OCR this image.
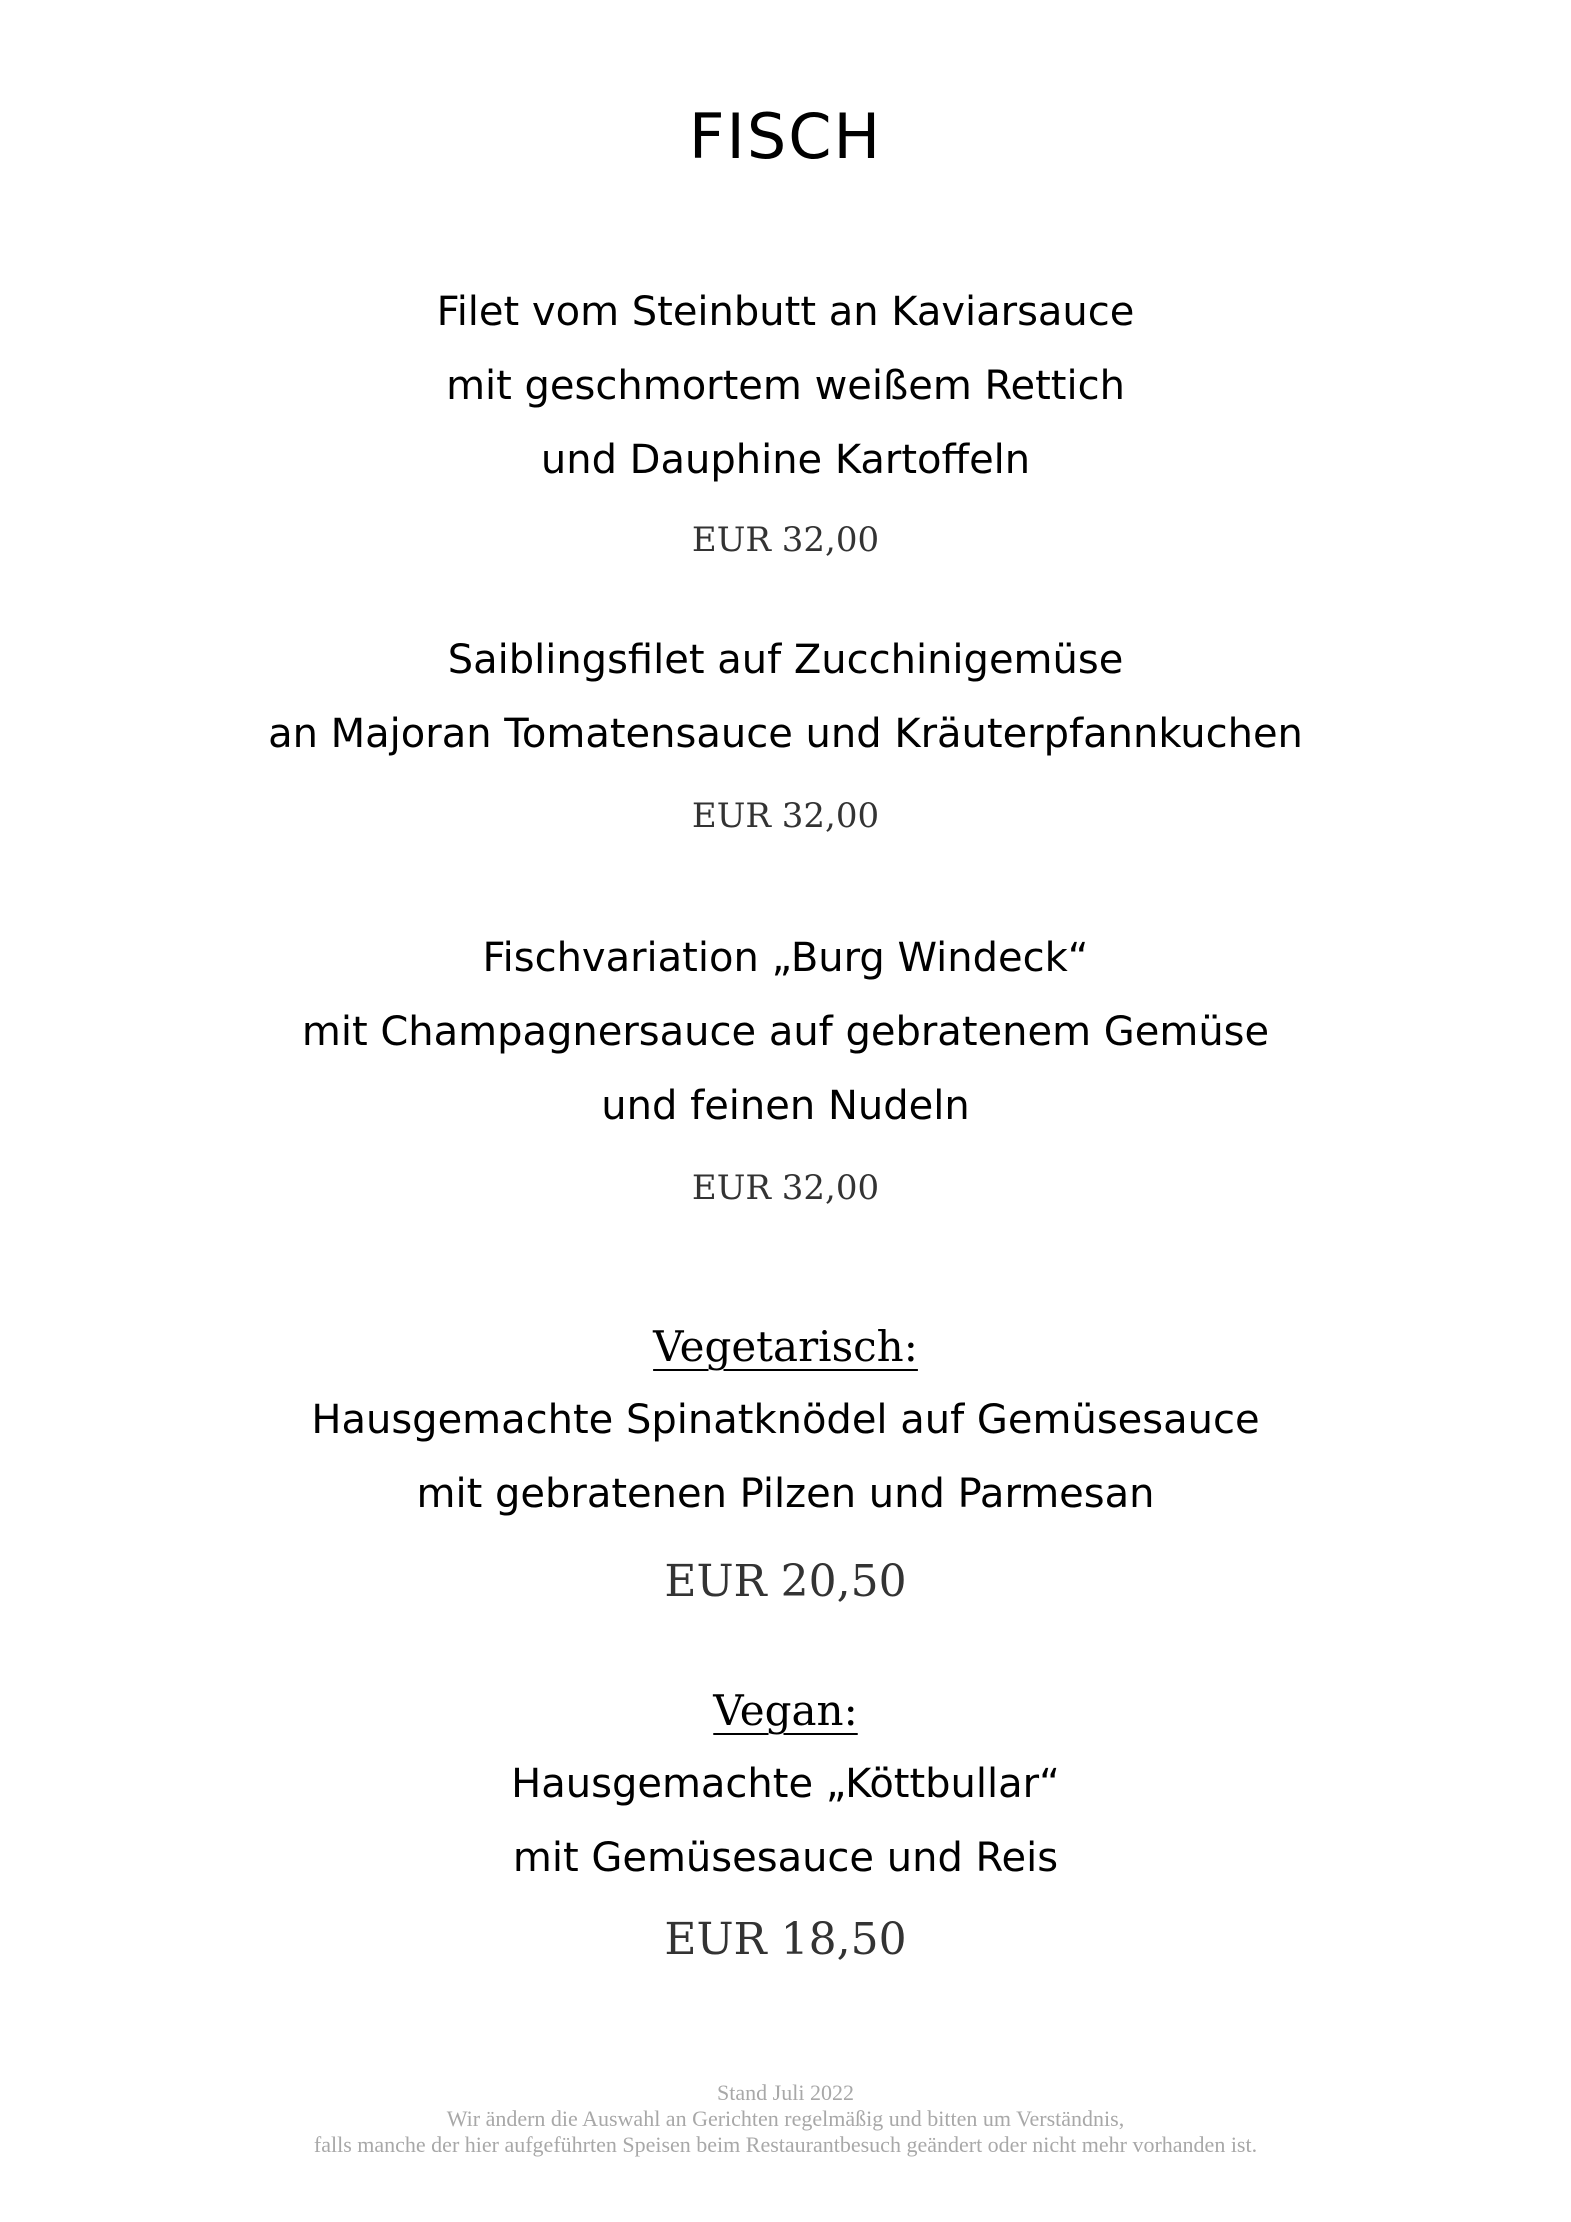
FISCH
Filet vom Steinbutt an Kaviarsauce
mit geschmortem weißem Rettich
und Dauphine Kartoffeln
EUR 32,00
Saiblingsfilet auf Zucchinigemüse
an Majoran Tomatensauce und Kräuterpfannkuchen
EUR 32,00
Fischvariation „Burg Windeck“
mit Champagnersauce auf gebratenem Gemüse
und feinen Nudeln
EUR 32,00
Vegetarisch:
Hausgemachte Spinatknödel auf Gemüsesauce
mit gebratenen Pilzen und Parmesan
EUR 20,50
Vegan:
Hausgemachte „Köttbullar“
mit Gemüsesauce und Reis
EUR 18,50
Stand Juli 2022
Wir ändern die Auswahl an Gerichten regelmäßig und bitten um Verständnis,
falls manche der hier aufgeführten Speisen beim Restaurantbesuch geändert oder nicht mehr vorhanden ist.
